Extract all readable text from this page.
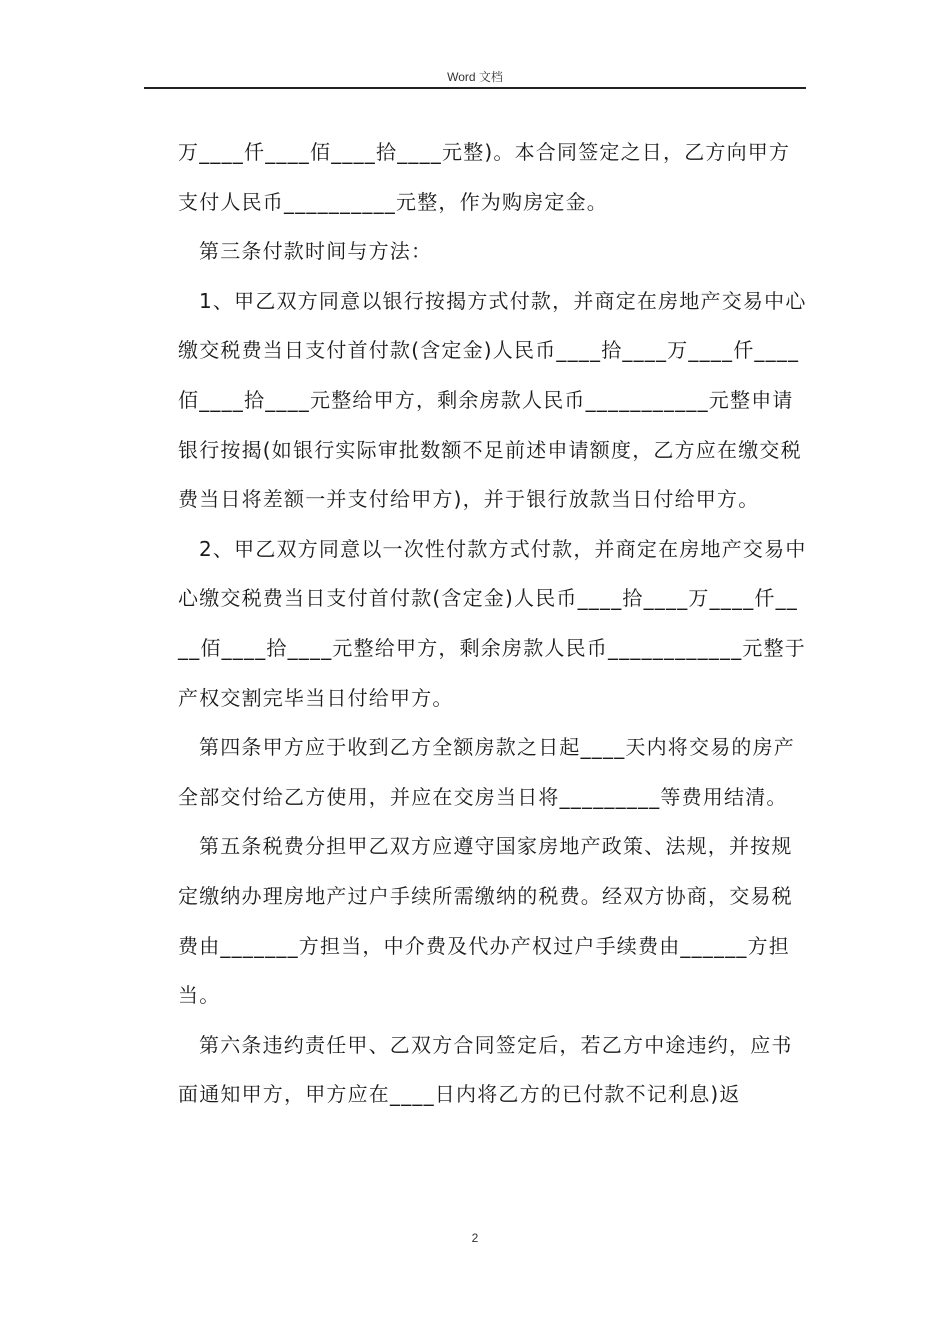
Word 文档

万____仟____佰____拾____元整)。本合同签定之日，乙方向甲方支付人民币__________元整，作为购房定金。

第三条付款时间与方法：

1、甲乙双方同意以银行按揭方式付款，并商定在房地产交易中心缴交税费当日支付首付款(含定金)人民币____拾____万____仟____佰____拾____元整给甲方，剩余房款人民币___________元整申请银行按揭(如银行实际审批数额不足前述申请额度，乙方应在缴交税费当日将差额一并支付给甲方)，并于银行放款当日付给甲方。

2、甲乙双方同意以一次性付款方式付款，并商定在房地产交易中心缴交税费当日支付首付款(含定金)人民币____拾____万____仟____佰____拾____元整给甲方，剩余房款人民币____________元整于产权交割完毕当日付给甲方。

第四条甲方应于收到乙方全额房款之日起____天内将交易的房产全部交付给乙方使用，并应在交房当日将_________等费用结清。

第五条税费分担甲乙双方应遵守国家房地产政策、法规，并按规定缴纳办理房地产过户手续所需缴纳的税费。经双方协商，交易税费由_______方担当，中介费及代办产权过户手续费由______方担当。

第六条违约责任甲、乙双方合同签定后，若乙方中途违约，应书面通知甲方，甲方应在____日内将乙方的已付款不记利息)返

2
